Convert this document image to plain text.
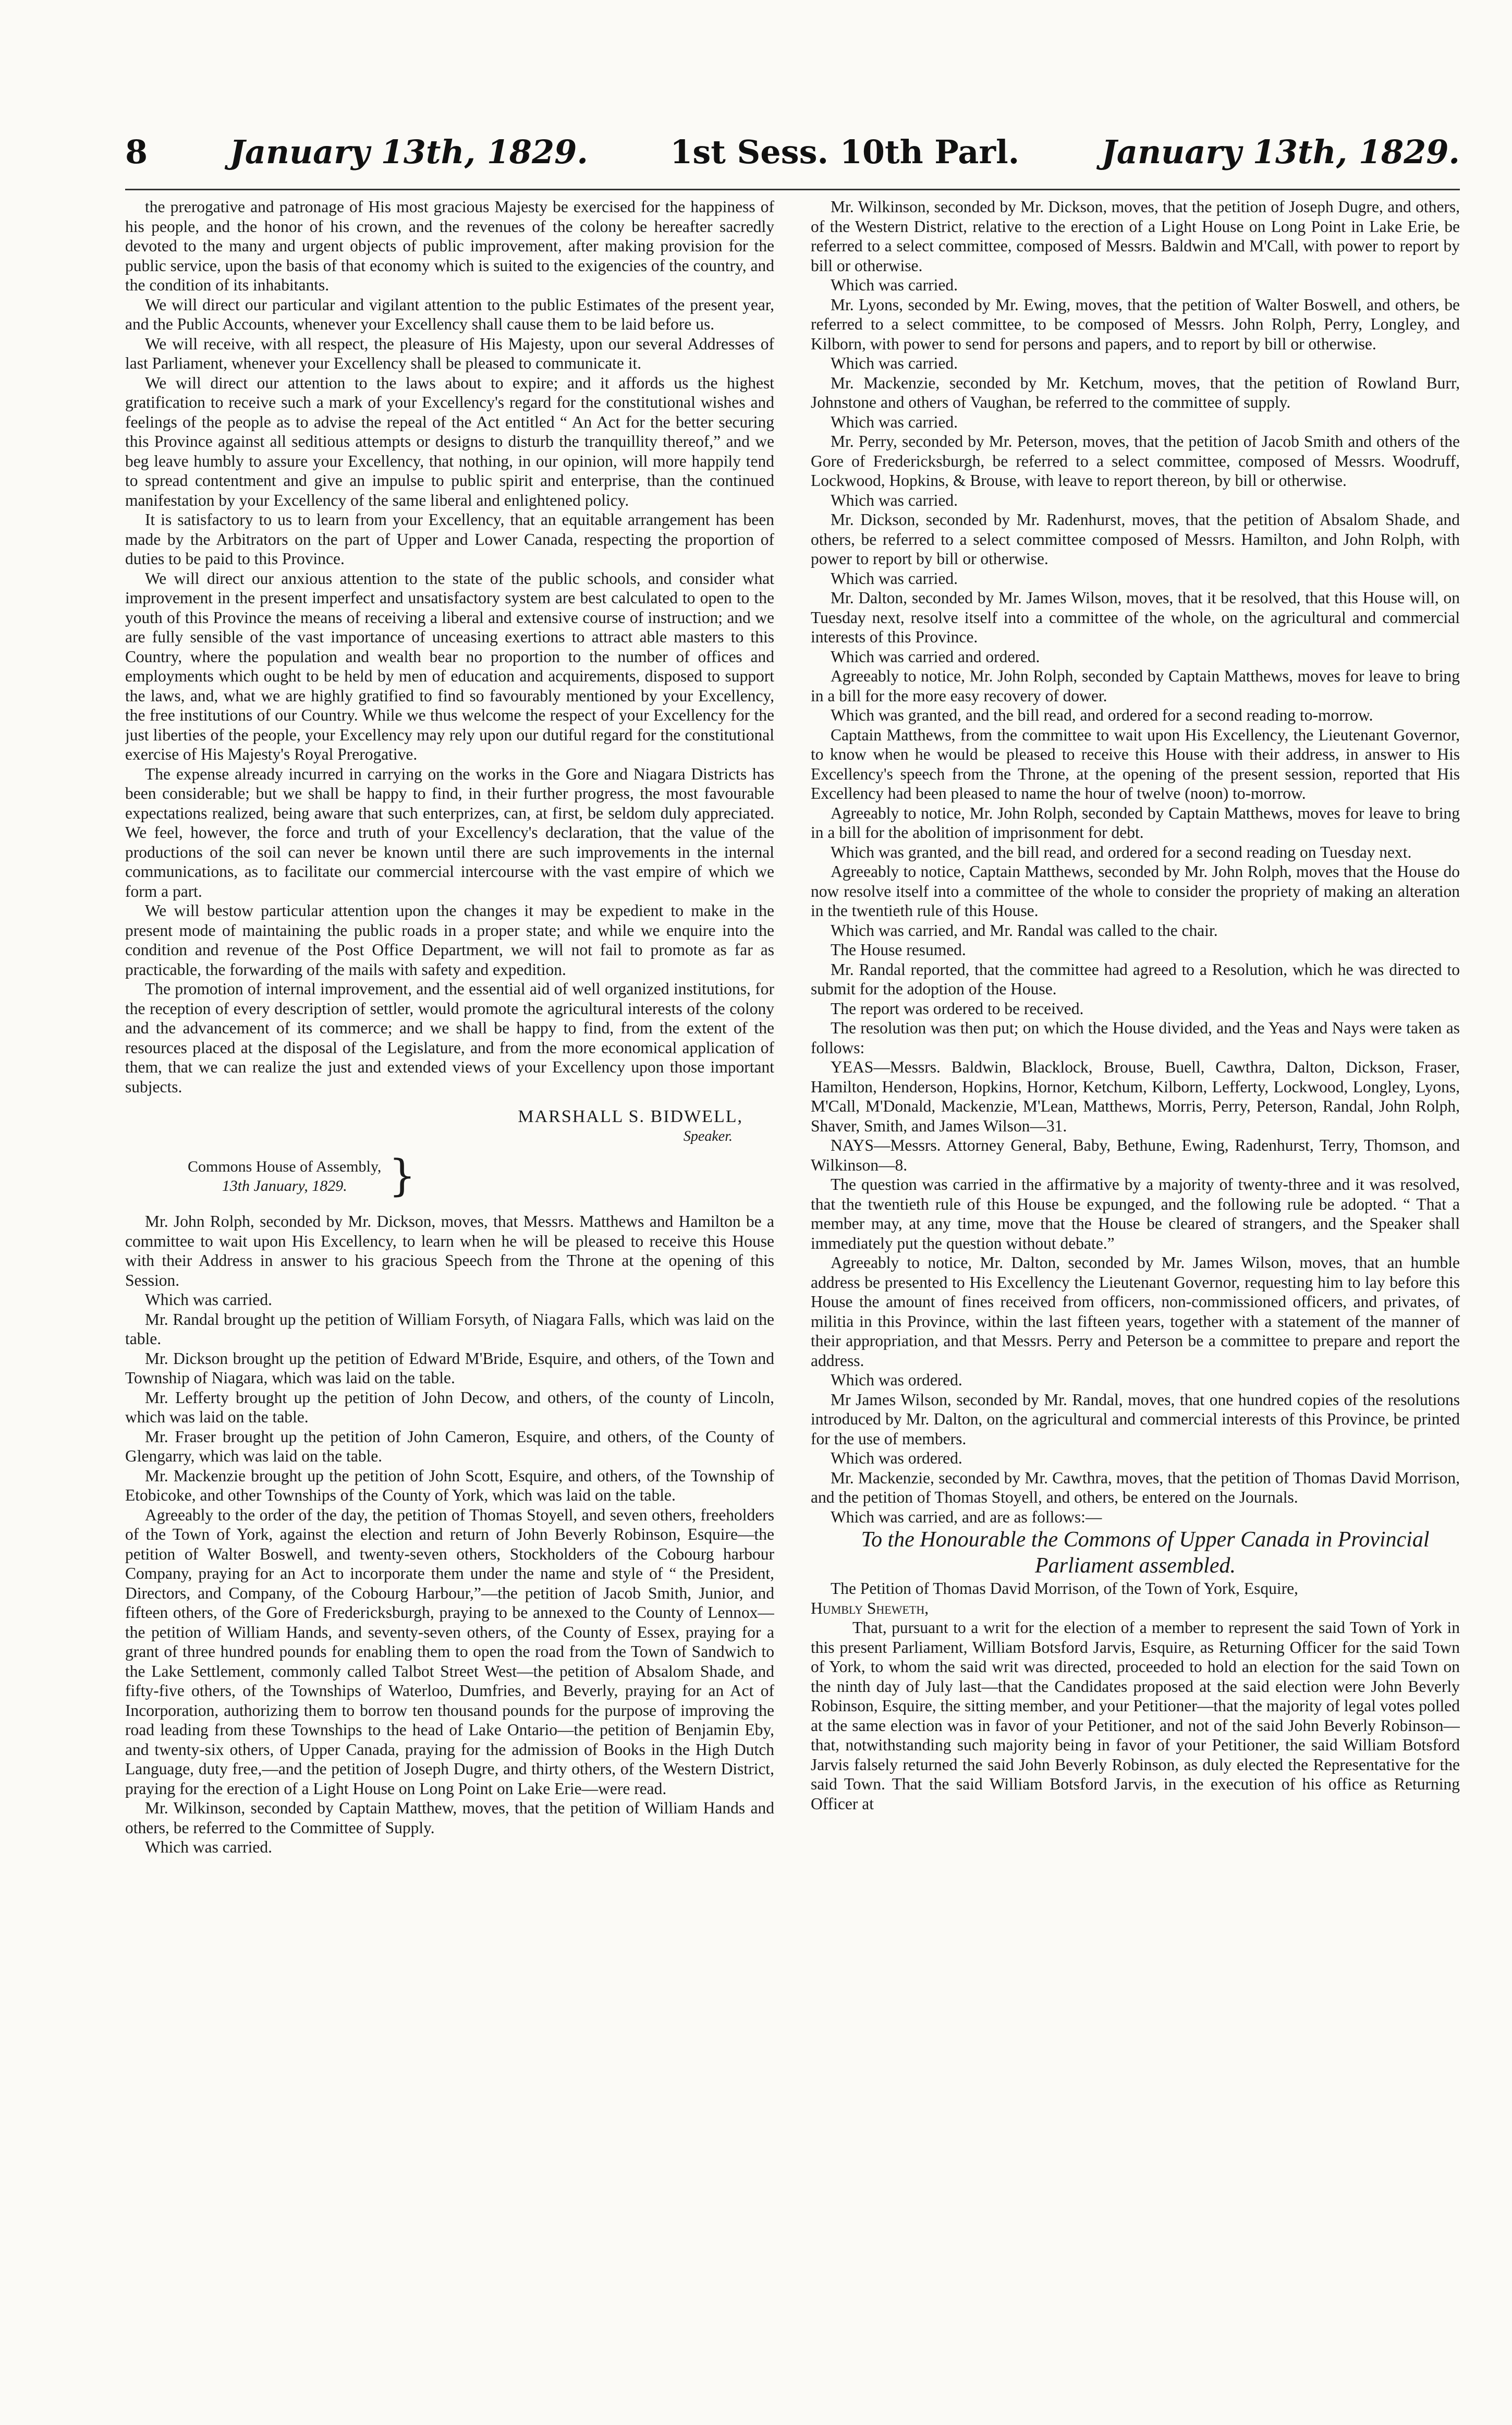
8	January 13th, 1829.	1st Sess. 10th Parl.	January 13th, 1829.

the prerogative and patronage of His most gracious Majesty be exercised for the happiness of his people, and the honor of his crown, and the revenues of the colony be hereafter sacredly devoted to the many and urgent objects of public improvement, after making provision for the public service, upon the basis of that economy which is suited to the exigencies of the country, and the condition of its inhabitants.

We will direct our particular and vigilant attention to the public Estimates of the present year, and the Public Accounts, whenever your Excellency shall cause them to be laid before us.

We will receive, with all respect, the pleasure of His Majesty, upon our several Addresses of last Parliament, whenever your Excellency shall be pleased to communicate it.

We will direct our attention to the laws about to expire; and it affords us the highest gratification to receive such a mark of your Excellency's regard for the constitutional wishes and feelings of the people as to advise the repeal of the Act entitled “ An Act for the better securing this Province against all seditious attempts or designs to disturb the tranquillity thereof,” and we beg leave humbly to assure your Excellency, that nothing, in our opinion, will more happily tend to spread contentment and give an impulse to public spirit and enterprise, than the continued manifestation by your Excellency of the same liberal and enlightened policy.

It is satisfactory to us to learn from your Excellency, that an equitable arrangement has been made by the Arbitrators on the part of Upper and Lower Canada, respecting the proportion of duties to be paid to this Province.

We will direct our anxious attention to the state of the public schools, and consider what improvement in the present imperfect and unsatisfactory system are best calculated to open to the youth of this Province the means of receiving a liberal and extensive course of instruction; and we are fully sensible of the vast importance of unceasing exertions to attract able masters to this Country, where the population and wealth bear no proportion to the number of offices and employments which ought to be held by men of education and acquirements, disposed to support the laws, and, what we are highly gratified to find so favourably mentioned by your Excellency, the free institutions of our Country. While we thus welcome the respect of your Excellency for the just liberties of the people, your Excellency may rely upon our dutiful regard for the constitutional exercise of His Majesty's Royal Prerogative.

The expense already incurred in carrying on the works in the Gore and Niagara Districts has been considerable; but we shall be happy to find, in their further progress, the most favourable expectations realized, being aware that such enterprizes, can, at first, be seldom duly appreciated. We feel, however, the force and truth of your Excellency's declaration, that the value of the productions of the soil can never be known until there are such improvements in the internal communications, as to facilitate our commercial intercourse with the vast empire of which we form a part.

We will bestow particular attention upon the changes it may be expedient to make in the present mode of maintaining the public roads in a proper state; and while we enquire into the condition and revenue of the Post Office Department, we will not fail to promote as far as practicable, the forwarding of the mails with safety and expedition.

The promotion of internal improvement, and the essential aid of well organized institutions, for the reception of every description of settler, would promote the agricultural interests of the colony and the advancement of its commerce; and we shall be happy to find, from the extent of the resources placed at the disposal of the Legislature, and from the more economical application of them, that we can realize the just and extended views of your Excellency upon those important subjects.

MARSHALL S. BIDWELL,
Speaker.
Commons House of Assembly,
13th January, 1829. }

Mr. John Rolph, seconded by Mr. Dickson, moves, that Messrs. Matthews and Hamilton be a committee to wait upon His Excellency, to learn when he will be pleased to receive this House with their Address in answer to his gracious Speech from the Throne at the opening of this Session.

Which was carried.

Mr. Randal brought up the petition of William Forsyth, of Niagara Falls, which was laid on the table.

Mr. Dickson brought up the petition of Edward M'Bride, Esquire, and others, of the Town and Township of Niagara, which was laid on the table.

Mr. Lefferty brought up the petition of John Decow, and others, of the county of Lincoln, which was laid on the table.

Mr. Fraser brought up the petition of John Cameron, Esquire, and others, of the County of Glengarry, which was laid on the table.

Mr. Mackenzie brought up the petition of John Scott, Esquire, and others, of the Township of Etobicoke, and other Townships of the County of York, which was laid on the table.

Agreeably to the order of the day, the petition of Thomas Stoyell, and seven others, freeholders of the Town of York, against the election and return of John Beverly Robinson, Esquire—the petition of Walter Boswell, and twenty-seven others, Stockholders of the Cobourg harbour Company, praying for an Act to incorporate them under the name and style of “ the President, Directors, and Company, of the Cobourg Harbour,”—the petition of Jacob Smith, Junior, and fifteen others, of the Gore of Fredericksburgh, praying to be annexed to the County of Lennox—the petition of William Hands, and seventy-seven others, of the County of Essex, praying for a grant of three hundred pounds for enabling them to open the road from the Town of Sandwich to the Lake Settlement, commonly called Talbot Street West—the petition of Absalom Shade, and fifty-five others, of the Townships of Waterloo, Dumfries, and Beverly, praying for an Act of Incorporation, authorizing them to borrow ten thousand pounds for the purpose of improving the road leading from these Townships to the head of Lake Ontario—the petition of Benjamin Eby, and twenty-six others, of Upper Canada, praying for the admission of Books in the High Dutch Language, duty free,—and the petition of Joseph Dugre, and thirty others, of the Western District, praying for the erection of a Light House on Long Point on Lake Erie—were read.

Mr. Wilkinson, seconded by Captain Matthew, moves, that the petition of William Hands and others, be referred to the Committee of Supply.

Which was carried.

Mr. Wilkinson, seconded by Mr. Dickson, moves, that the petition of Joseph Dugre, and others, of the Western District, relative to the erection of a Light House on Long Point in Lake Erie, be referred to a select committee, composed of Messrs. Baldwin and M'Call, with power to report by bill or otherwise.

Which was carried.

Mr. Lyons, seconded by Mr. Ewing, moves, that the petition of Walter Boswell, and others, be referred to a select committee, to be composed of Messrs. John Rolph, Perry, Longley, and Kilborn, with power to send for persons and papers, and to report by bill or otherwise.

Which was carried.

Mr. Mackenzie, seconded by Mr. Ketchum, moves, that the petition of Rowland Burr, Johnstone and others of Vaughan, be referred to the committee of supply.

Which was carried.

Mr. Perry, seconded by Mr. Peterson, moves, that the petition of Jacob Smith and others of the Gore of Fredericksburgh, be referred to a select committee, composed of Messrs. Woodruff, Lockwood, Hopkins, & Brouse, with leave to report thereon, by bill or otherwise.

Which was carried.

Mr. Dickson, seconded by Mr. Radenhurst, moves, that the petition of Absalom Shade, and others, be referred to a select committee composed of Messrs. Hamilton, and John Rolph, with power to report by bill or otherwise.

Which was carried.

Mr. Dalton, seconded by Mr. James Wilson, moves, that it be resolved, that this House will, on Tuesday next, resolve itself into a committee of the whole, on the agricultural and commercial interests of this Province.

Which was carried and ordered.

Agreeably to notice, Mr. John Rolph, seconded by Captain Matthews, moves for leave to bring in a bill for the more easy recovery of dower.

Which was granted, and the bill read, and ordered for a second reading to-morrow.

Captain Matthews, from the committee to wait upon His Excellency, the Lieutenant Governor, to know when he would be pleased to receive this House with their address, in answer to His Excellency's speech from the Throne, at the opening of the present session, reported that His Excellency had been pleased to name the hour of twelve (noon) to-morrow.

Agreeably to notice, Mr. John Rolph, seconded by Captain Matthews, moves for leave to bring in a bill for the abolition of imprisonment for debt.

Which was granted, and the bill read, and ordered for a second reading on Tuesday next.

Agreeably to notice, Captain Matthews, seconded by Mr. John Rolph, moves that the House do now resolve itself into a committee of the whole to consider the propriety of making an alteration in the twentieth rule of this House.

Which was carried, and Mr. Randal was called to the chair.

The House resumed.

Mr. Randal reported, that the committee had agreed to a Resolution, which he was directed to submit for the adoption of the House.

The report was ordered to be received.

The resolution was then put; on which the House divided, and the Yeas and Nays were taken as follows:

YEAS—Messrs. Baldwin, Blacklock, Brouse, Buell, Cawthra, Dalton, Dickson, Fraser, Hamilton, Henderson, Hopkins, Hornor, Ketchum, Kilborn, Lefferty, Lockwood, Longley, Lyons, M'Call, M'Donald, Mackenzie, M'Lean, Matthews, Morris, Perry, Peterson, Randal, John Rolph, Shaver, Smith, and James Wilson—31.

NAYS—Messrs. Attorney General, Baby, Bethune, Ewing, Radenhurst, Terry, Thomson, and Wilkinson—8.

The question was carried in the affirmative by a majority of twenty-three and it was resolved, that the twentieth rule of this House be expunged, and the following rule be adopted. “ That a member may, at any time, move that the House be cleared of strangers, and the Speaker shall immediately put the question without debate.”

Agreeably to notice, Mr. Dalton, seconded by Mr. James Wilson, moves, that an humble address be presented to His Excellency the Lieutenant Governor, requesting him to lay before this House the amount of fines received from officers, non-commissioned officers, and privates, of militia in this Province, within the last fifteen years, together with a statement of the manner of their appropriation, and that Messrs. Perry and Peterson be a committee to prepare and report the address.

Which was ordered.

Mr James Wilson, seconded by Mr. Randal, moves, that one hundred copies of the resolutions introduced by Mr. Dalton, on the agricultural and commercial interests of this Province, be printed for the use of members.

Which was ordered.

Mr. Mackenzie, seconded by Mr. Cawthra, moves, that the petition of Thomas David Morrison, and the petition of Thomas Stoyell, and others, be entered on the Journals.

Which was carried, and are as follows:—

To the Honourable the Commons of Upper Canada in Provincial Parliament assembled.

The Petition of Thomas David Morrison, of the Town of York, Esquire,

Humbly Sheweth,

That, pursuant to a writ for the election of a member to represent the said Town of York in this present Parliament, William Botsford Jarvis, Esquire, as Returning Officer for the said Town of York, to whom the said writ was directed, proceeded to hold an election for the said Town on the ninth day of July last—that the Candidates proposed at the said election were John Beverly Robinson, Esquire, the sitting member, and your Petitioner—that the majority of legal votes polled at the same election was in favor of your Petitioner, and not of the said John Beverly Robinson—that, notwithstanding such majority being in favor of your Petitioner, the said William Botsford Jarvis falsely returned the said John Beverly Robinson, as duly elected the Representative for the said Town. That the said William Botsford Jarvis, in the execution of his office as Returning Officer at
